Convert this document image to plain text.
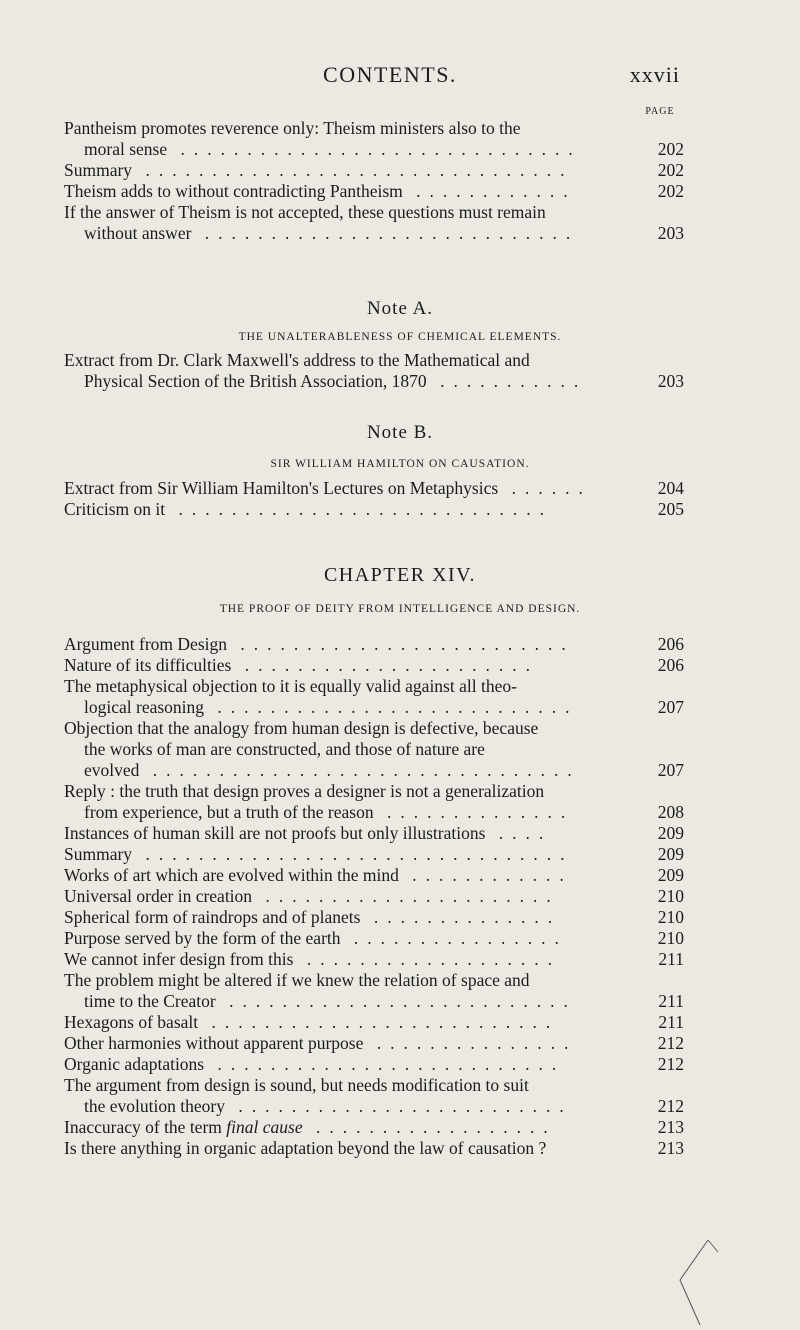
CONTENTS.	xxvii
PAGE
Pantheism promotes reverence only: Theism ministers also to the
moral sense ..............................	202
Summary ................................	202
Theism adds to without contradicting Pantheism ............	202
If the answer of Theism is not accepted, these questions must remain
without answer ............................	203
Note A.
THE UNALTERABLENESS OF CHEMICAL ELEMENTS.
Extract from Dr. Clark Maxwell's address to the Mathematical and
Physical Section of the British Association, 1870 ...........	203
Note B.
SIR WILLIAM HAMILTON ON CAUSATION.
Extract from Sir William Hamilton's Lectures on Metaphysics ......	204
Criticism on it ............................	205
CHAPTER XIV.
THE PROOF OF DEITY FROM INTELLIGENCE AND DESIGN.
Argument from Design .........................	206
Nature of its difficulties ......................	206
The metaphysical objection to it is equally valid against all theo-
logical reasoning ...........................	207
Objection that the analogy from human design is defective, because
the works of man are constructed, and those of nature are
evolved ................................	207
Reply : the truth that design proves a designer is not a generalization
from experience, but a truth of the reason ..............	208
Instances of human skill are not proofs but only illustrations ....	209
Summary ................................	209
Works of art which are evolved within the mind ............	209
Universal order in creation ......................	210
Spherical form of raindrops and of planets ..............	210
Purpose served by the form of the earth ................	210
We cannot infer design from this ...................	211
The problem might be altered if we knew the relation of space and
time to the Creator ..........................	211
Hexagons of basalt ..........................	211
Other harmonies without apparent purpose ...............	212
Organic adaptations ..........................	212
The argument from design is sound, but needs modification to suit
the evolution theory .........................	212
Inaccuracy of the term final cause ..................	213
Is there anything in organic adaptation beyond the law of causation ?	213
